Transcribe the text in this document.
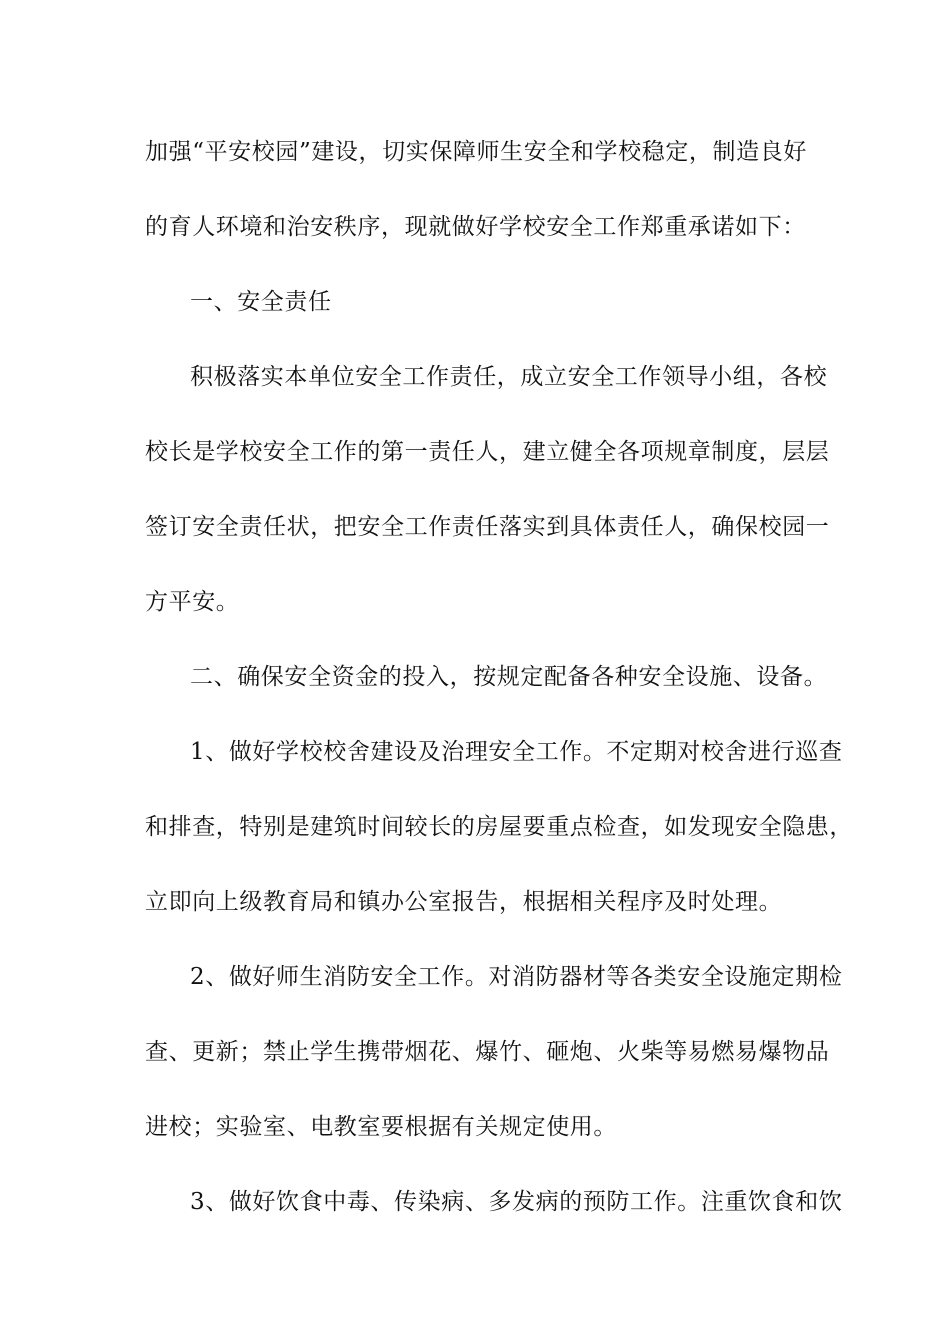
加强“平安校园”建设，切实保障师生安全和学校稳定，制造良好
的育人环境和治安秩序，现就做好学校安全工作郑重承诺如下：
一、安全责任
积极落实本单位安全工作责任，成立安全工作领导小组，各校
校长是学校安全工作的第一责任人，建立健全各项规章制度，层层
签订安全责任状，把安全工作责任落实到具体责任人，确保校园一
方平安。
二、确保安全资金的投入，按规定配备各种安全设施、设备。
1、做好学校校舍建设及治理安全工作。不定期对校舍进行巡查
和排查，特别是建筑时间较长的房屋要重点检查，如发现安全隐患，
立即向上级教育局和镇办公室报告，根据相关程序及时处理。
2、做好师生消防安全工作。对消防器材等各类安全设施定期检
查、更新；禁止学生携带烟花、爆竹、砸炮、火柴等易燃易爆物品
进校；实验室、电教室要根据有关规定使用。
3、做好饮食中毒、传染病、多发病的预防工作。注重饮食和饮
